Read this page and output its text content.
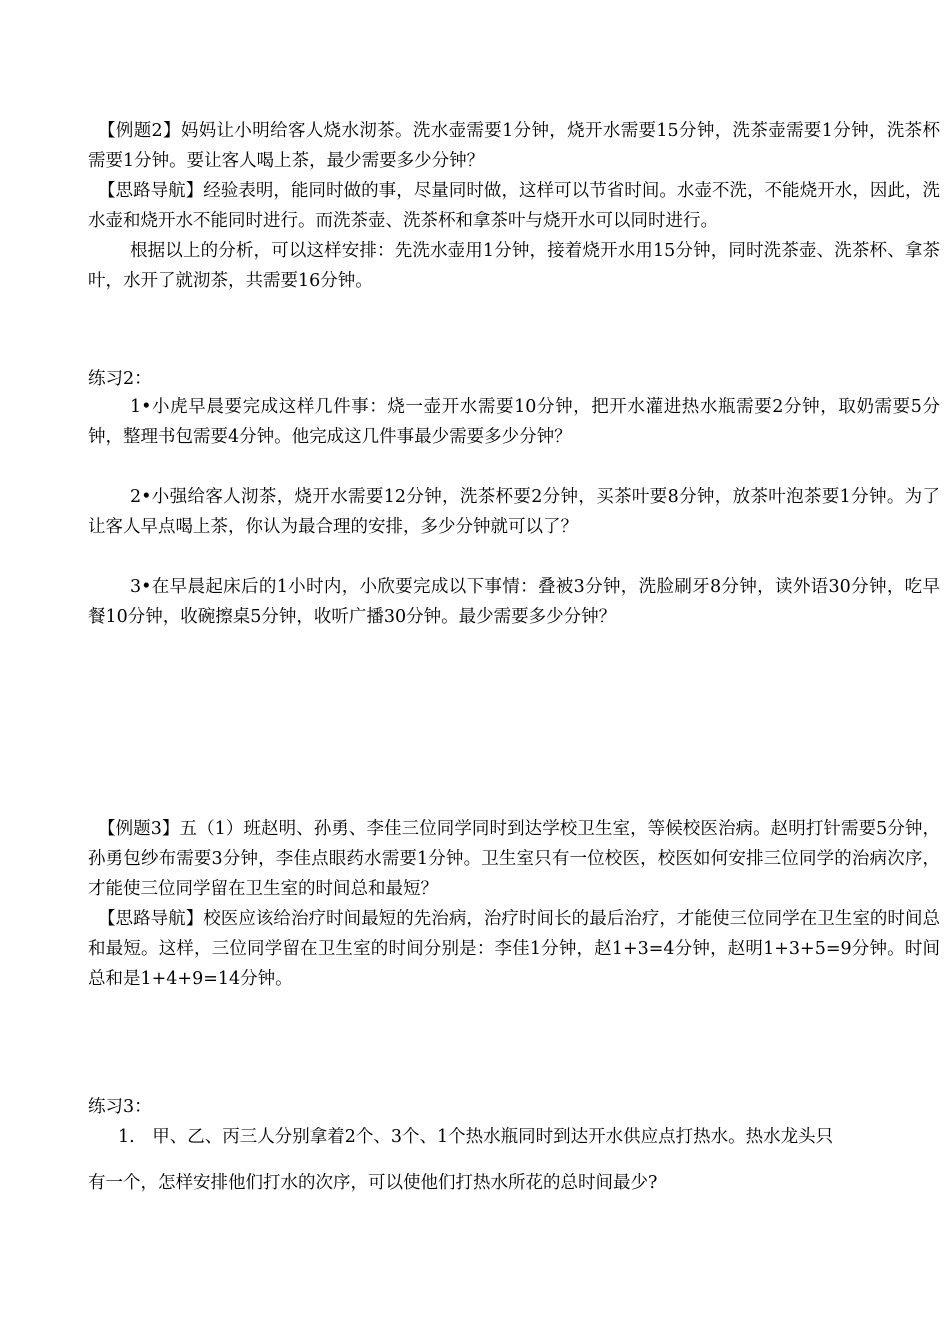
【例题2】妈妈让小明给客人烧水沏茶。洗水壶需要1分钟，烧开水需要15分钟，洗茶壶需要1分钟，洗茶杯需要1分钟。要让客人喝上茶，最少需要多少分钟？

【思路导航】经验表明，能同时做的事，尽量同时做，这样可以节省时间。水壶不洗，不能烧开水，因此，洗水壶和烧开水不能同时进行。而洗茶壶、洗茶杯和拿茶叶与烧开水可以同时进行。

根据以上的分析，可以这样安排：先洗水壶用1分钟，接着烧开水用15分钟，同时洗茶壶、洗茶杯、拿茶叶，水开了就沏茶，共需要16分钟。

练习2：

1•小虎早晨要完成这样几件事：烧一壶开水需要10分钟，把开水灌进热水瓶需要2分钟，取奶需要5分钟，整理书包需要4分钟。他完成这几件事最少需要多少分钟？

2•小强给客人沏茶，烧开水需要12分钟，洗茶杯要2分钟，买茶叶要8分钟，放茶叶泡茶要1分钟。为了让客人早点喝上茶，你认为最合理的安排，多少分钟就可以了？

3•在早晨起床后的1小时内，小欣要完成以下事情：叠被3分钟，洗脸刷牙8分钟，读外语30分钟，吃早餐10分钟，收碗擦桌5分钟，收听广播30分钟。最少需要多少分钟？

【例题3】五（1）班赵明、孙勇、李佳三位同学同时到达学校卫生室，等候校医治病。赵明打针需要5分钟，孙勇包纱布需要3分钟，李佳点眼药水需要1分钟。卫生室只有一位校医，校医如何安排三位同学的治病次序，才能使三位同学留在卫生室的时间总和最短？

【思路导航】校医应该给治疗时间最短的先治病，治疗时间长的最后治疗，才能使三位同学在卫生室的时间总和最短。这样，三位同学留在卫生室的时间分别是：李佳1分钟，赵1+3=4分钟，赵明1+3+5=9分钟。时间总和是1+4+9=14分钟。

练习3：

1.　甲、乙、丙三人分别拿着2个、3个、1个热水瓶同时到达开水供应点打热水。热水龙头只

有一个，怎样安排他们打水的次序，可以使他们打热水所花的总时间最少?
